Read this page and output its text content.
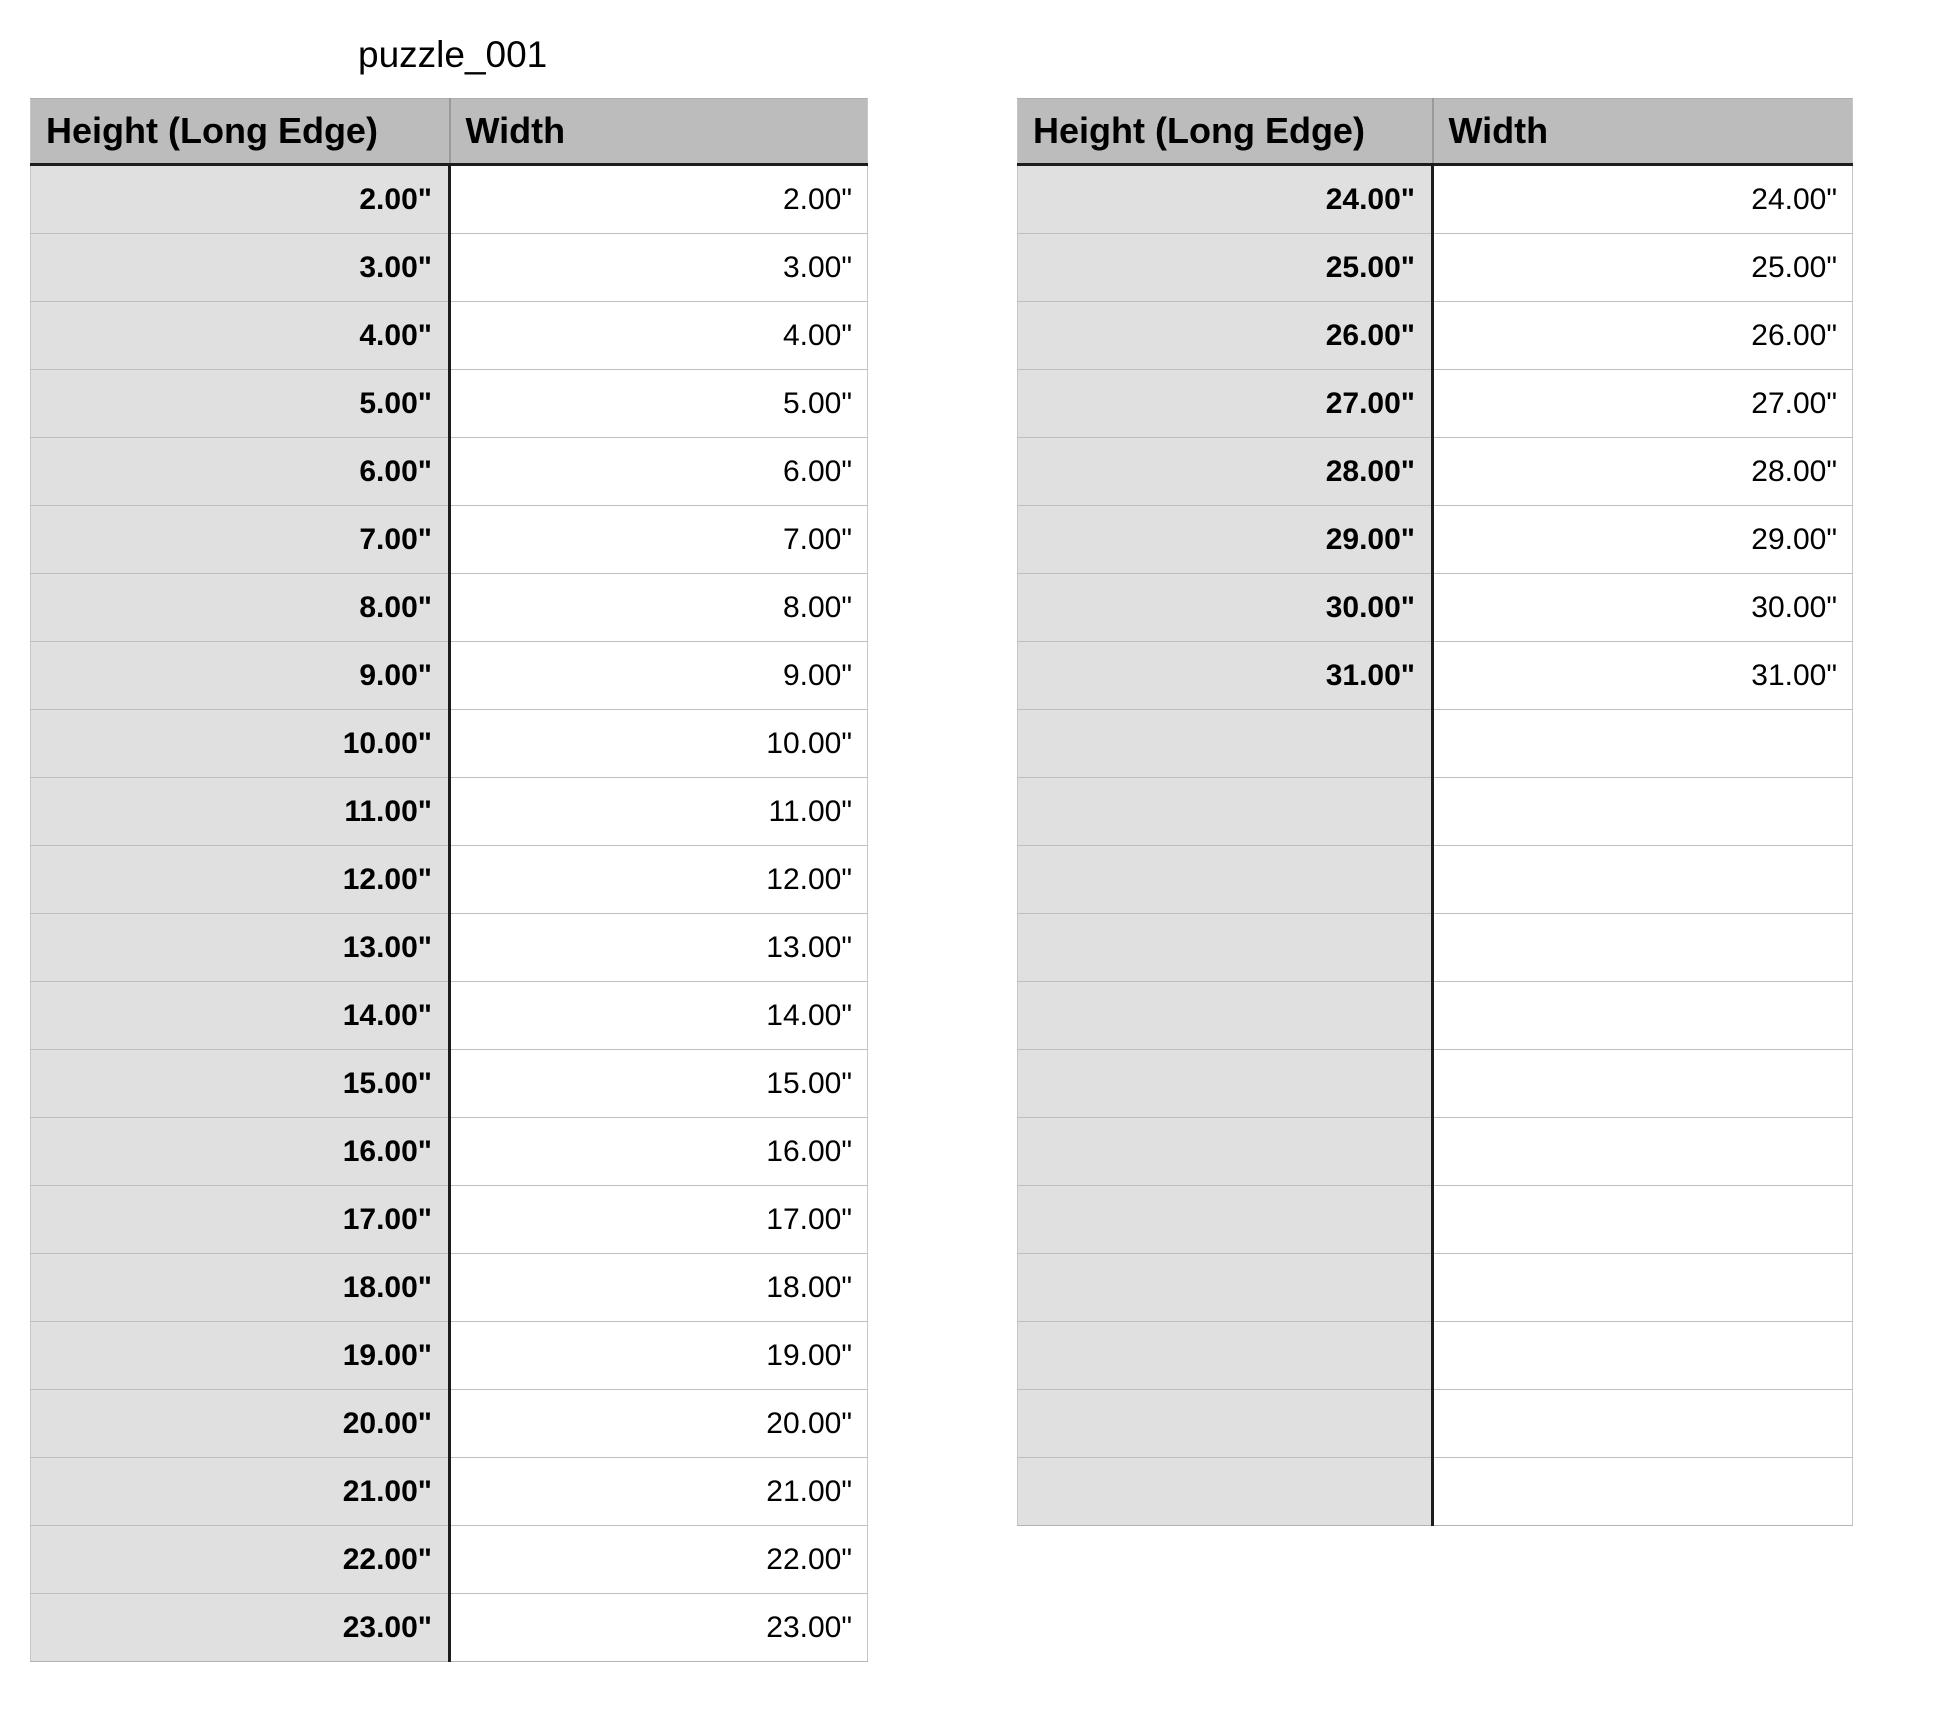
puzzle_001
Height (Long Edge)	Width
2.00"	2.00"
3.00"	3.00"
4.00"	4.00"
5.00"	5.00"
6.00"	6.00"
7.00"	7.00"
8.00"	8.00"
9.00"	9.00"
10.00"	10.00"
11.00"	11.00"
12.00"	12.00"
13.00"	13.00"
14.00"	14.00"
15.00"	15.00"
16.00"	16.00"
17.00"	17.00"
18.00"	18.00"
19.00"	19.00"
20.00"	20.00"
21.00"	21.00"
22.00"	22.00"
23.00"	23.00"
Height (Long Edge)	Width
24.00"	24.00"
25.00"	25.00"
26.00"	26.00"
27.00"	27.00"
28.00"	28.00"
29.00"	29.00"
30.00"	30.00"
31.00"	31.00"
